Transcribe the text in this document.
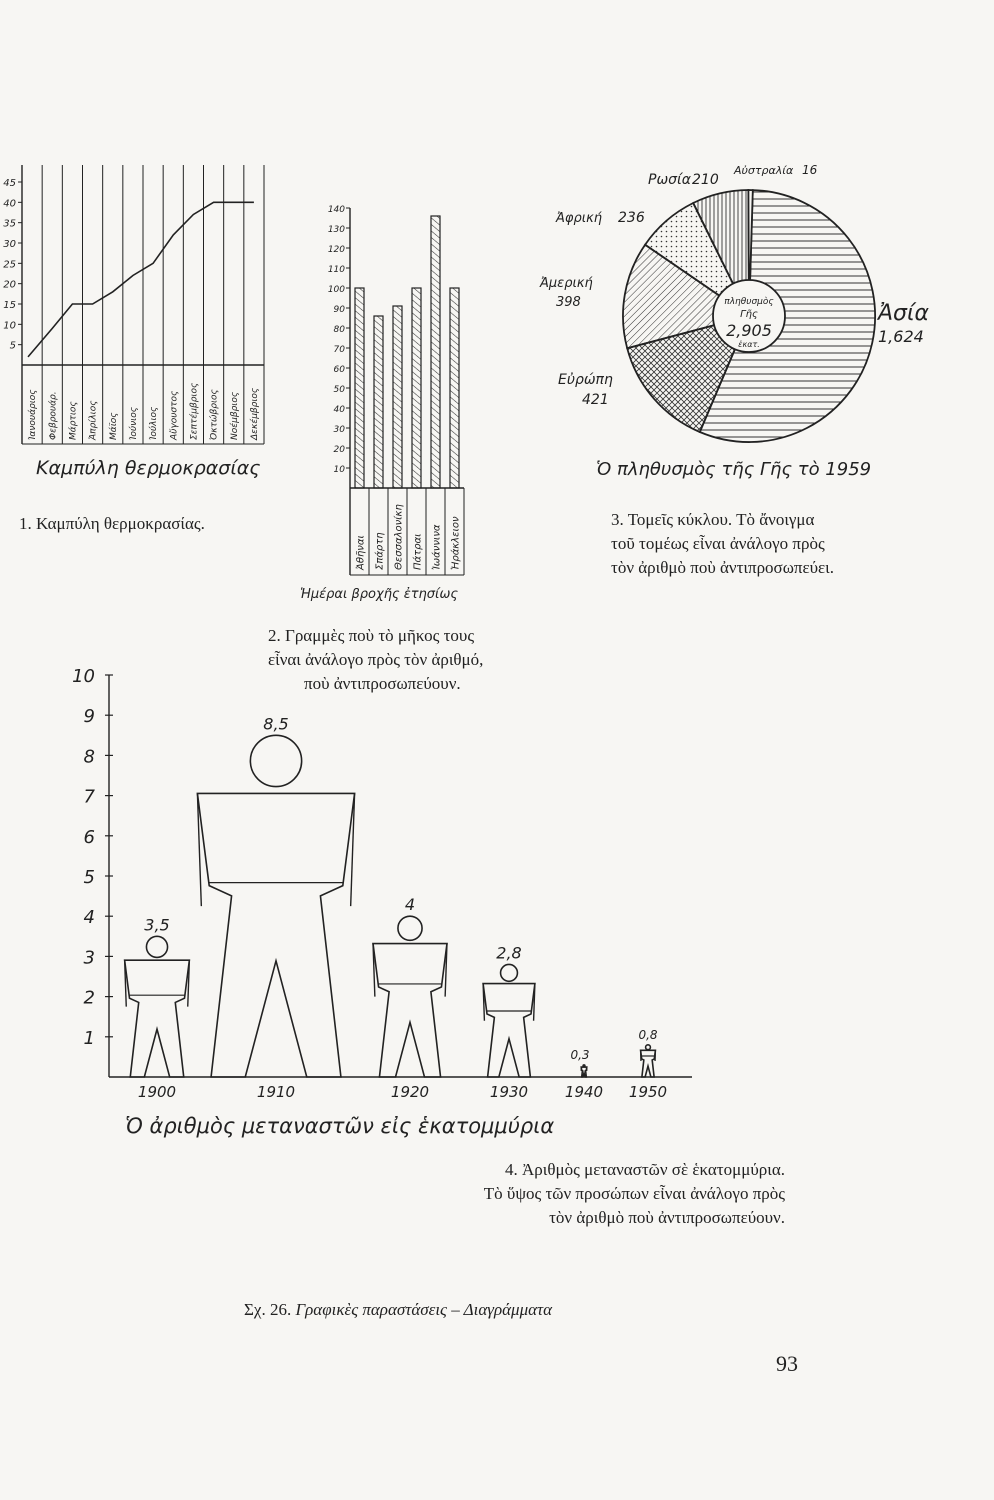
45
40
35
30
25
20
15
10
5
Ἰανουάριος Φεβρουάρ. Μάρτιος Ἀπρίλιος Μάϊος Ἰούνιος Ἰούλιος Αὔγουστος Σεπτέμβριος Ὀκτώβριος Νοέμβριος Δεκέμβριος
Καμπύλη θερμοκρασίας
140
130
120
110
100
90
80
70
60
50
40
30
20
10
Ἀθῆναι Σπάρτη Θεσσαλονίκη Πάτραι Ἰωάννινα Ἡράκλειον
Ἡμέραι βροχῆς ἐτησίως
πληθυσμὸς
Γῆς
2,905
ἑκατ.
Ἀσία
1,624
Εὐρώπη
421
Ἀμερική
398
Ἀφρική 236
Ρωσία 210
Αὐστραλία 16
Ὁ πληθυσμὸς τῆς Γῆς τὸ 1959
10
9
8
7
6
5
4
3
2
1
3,5
8,5
4
2,8
0,3
0,8
1900	1910	1920	1930 1940 1950
Ὁ ἀριθμὸς μεταναστῶν εἰς ἑκατομμύρια
1. Καμπύλη θερμοκρασίας.
2. Γραμμὲς ποὺ τὸ μῆκος τους
εἶναι ἀνάλογο πρὸς τὸν ἀριθμό,
ποὺ ἀντιπροσωπεύουν.
3. Τομεῖς κύκλου. Τὸ ἄνοιγμα
τοῦ τομέως εἶναι ἀνάλογο πρὸς
τὸν ἀριθμὸ ποὺ ἀντιπροσωπεύει.
4. Ἀριθμὸς μεταναστῶν σὲ ἑκατομμύρια.
Τὸ ὕψος τῶν προσώπων εἶναι ἀνάλογο πρὸς
τὸν ἀριθμὸ ποὺ ἀντιπροσωπεύουν.
Σχ. 26. Γραφικὲς παραστάσεις – Διαγράμματα
93
